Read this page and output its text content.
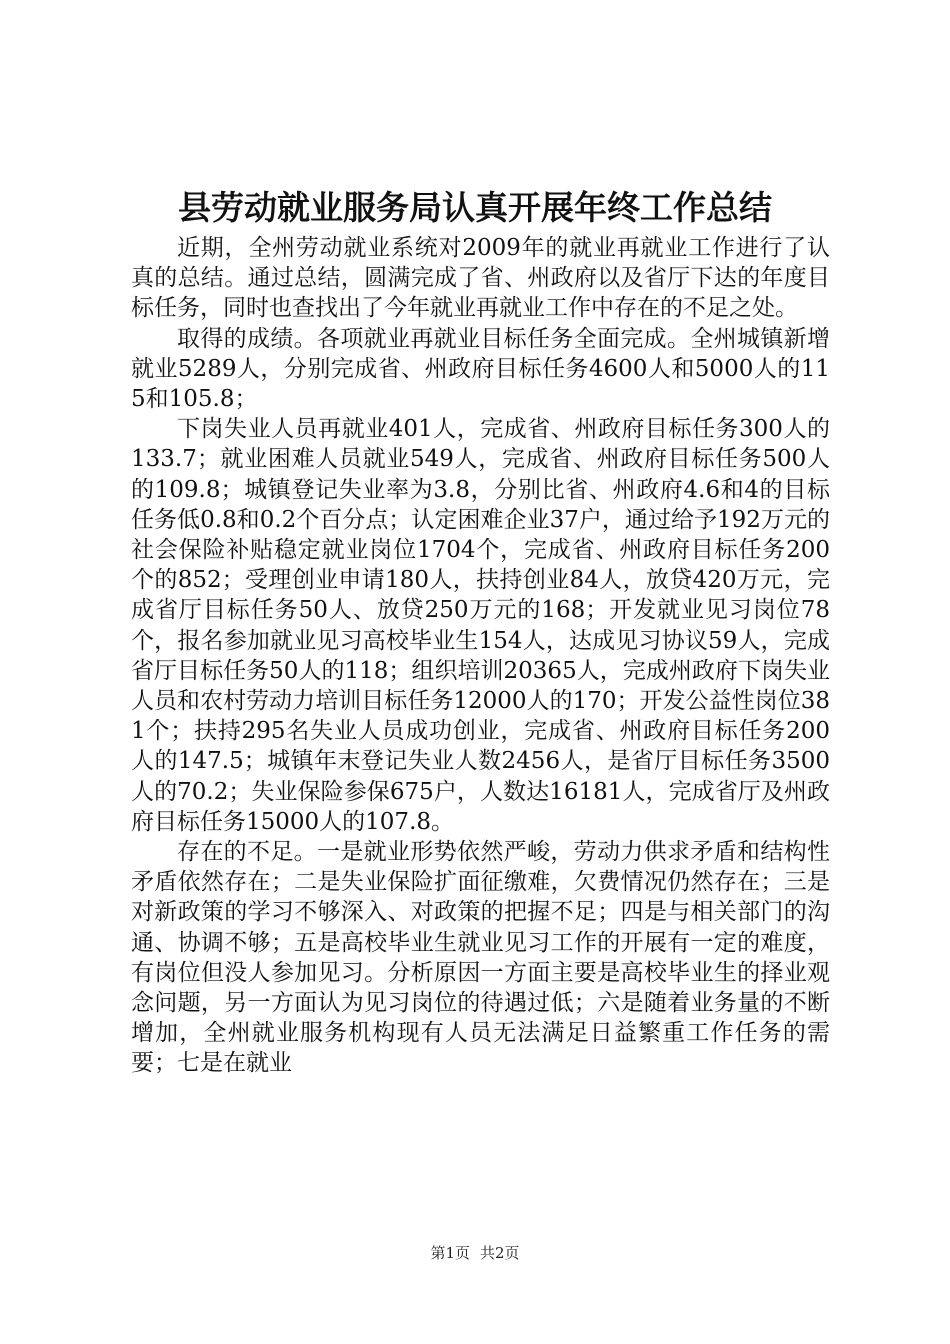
县劳动就业服务局认真开展年终工作总结

近期，全州劳动就业系统对2009年的就业再就业工作进行了认真的总结。通过总结，圆满完成了省、州政府以及省厅下达的年度目标任务，同时也查找出了今年就业再就业工作中存在的不足之处。

取得的成绩。各项就业再就业目标任务全面完成。全州城镇新增就业5289人，分别完成省、州政府目标任务4600人和5000人的115和105.8；

下岗失业人员再就业401人，完成省、州政府目标任务300人的133.7；就业困难人员就业549人，完成省、州政府目标任务500人的109.8；城镇登记失业率为3.8，分别比省、州政府4.6和4的目标任务低0.8和0.2个百分点；认定困难企业37户，通过给予192万元的社会保险补贴稳定就业岗位1704个，完成省、州政府目标任务200个的852；受理创业申请180人，扶持创业84人，放贷420万元，完成省厅目标任务50人、放贷250万元的168；开发就业见习岗位78个，报名参加就业见习高校毕业生154人，达成见习协议59人，完成省厅目标任务50人的118；组织培训20365人，完成州政府下岗失业人员和农村劳动力培训目标任务12000人的170；开发公益性岗位381个；扶持295名失业人员成功创业，完成省、州政府目标任务200人的147.5；城镇年末登记失业人数2456人，是省厅目标任务3500人的70.2；失业保险参保675户，人数达16181人，完成省厅及州政府目标任务15000人的107.8。

存在的不足。一是就业形势依然严峻，劳动力供求矛盾和结构性矛盾依然存在；二是失业保险扩面征缴难，欠费情况仍然存在；三是对新政策的学习不够深入、对政策的把握不足；四是与相关部门的沟通、协调不够；五是高校毕业生就业见习工作的开展有一定的难度，有岗位但没人参加见习。分析原因一方面主要是高校毕业生的择业观念问题，另一方面认为见习岗位的待遇过低；六是随着业务量的不断增加，全州就业服务机构现有人员无法满足日益繁重工作任务的需要；七是在就业

第1页 共2页
